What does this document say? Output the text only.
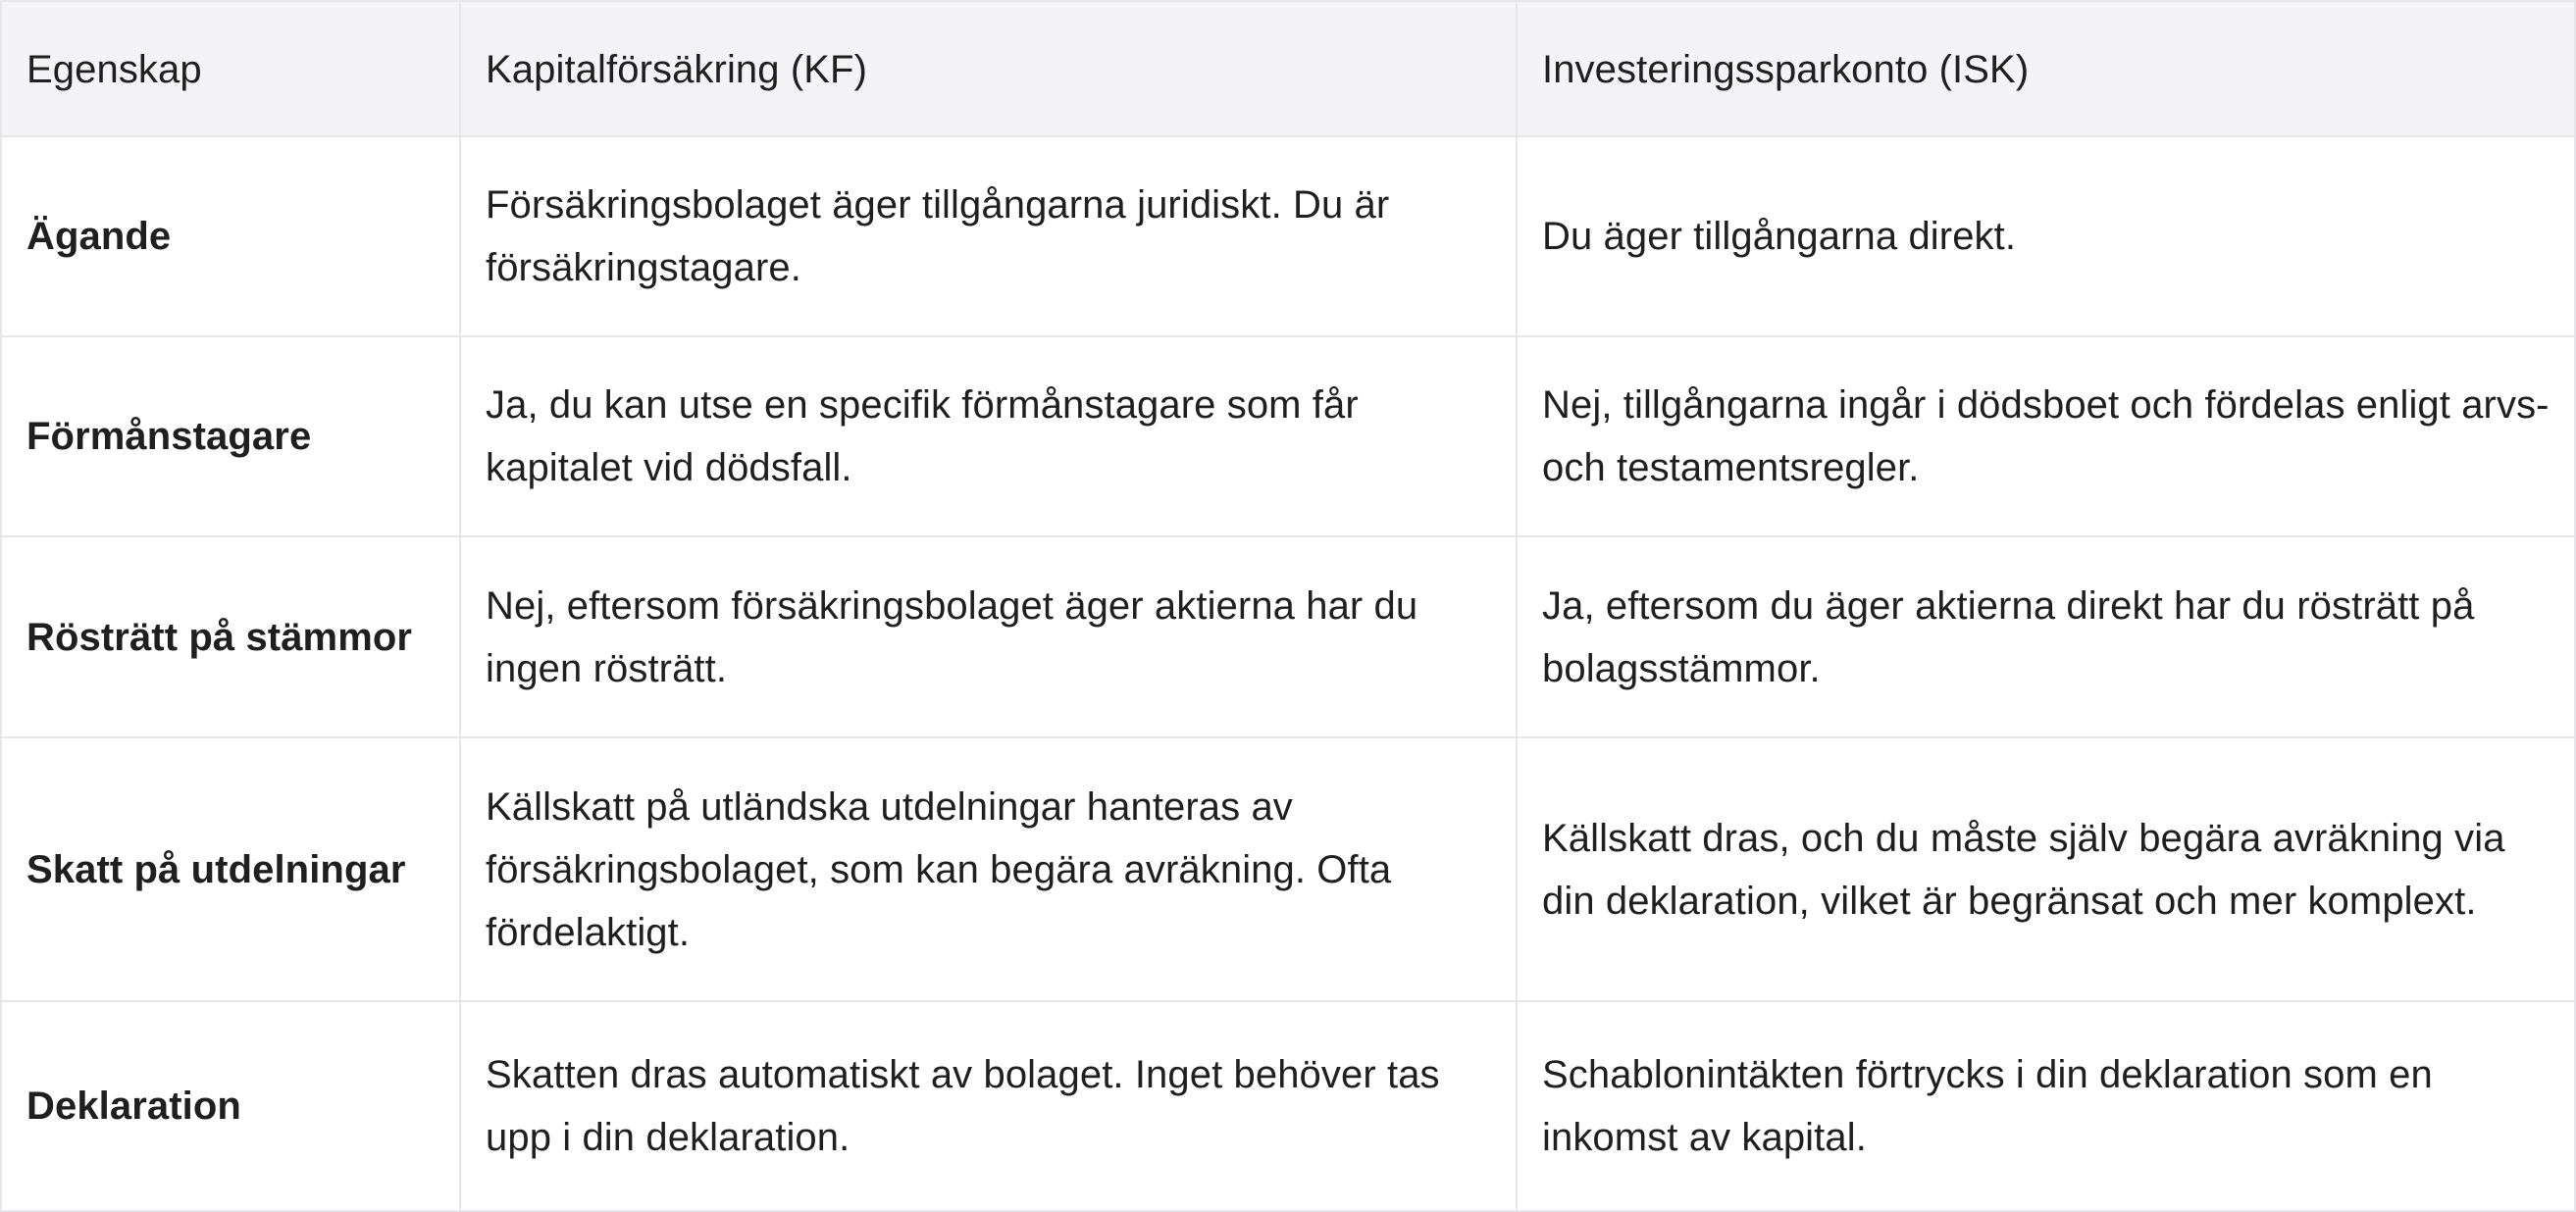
Egenskap	Kapitalförsäkring (KF)	Investeringssparkonto (ISK)
Ägande	Försäkringsbolaget äger tillgångarna juridiskt. Du är försäkringstagare.	Du äger tillgångarna direkt.
Förmånstagare	Ja, du kan utse en specifik förmånstagare som får kapitalet vid dödsfall.	Nej, tillgångarna ingår i dödsboet och fördelas enligt arvs- och testamentsregler.
Rösträtt på stämmor	Nej, eftersom försäkringsbolaget äger aktierna har du ingen rösträtt.	Ja, eftersom du äger aktierna direkt har du rösträtt på bolagsstämmor.
Skatt på utdelningar	Källskatt på utländska utdelningar hanteras av försäkringsbolaget, som kan begära avräkning. Ofta fördelaktigt.	Källskatt dras, och du måste själv begära avräkning via din deklaration, vilket är begränsat och mer komplext.
Deklaration	Skatten dras automatiskt av bolaget. Inget behöver tas upp i din deklaration.	Schablonintäkten förtrycks i din deklaration som en inkomst av kapital.
